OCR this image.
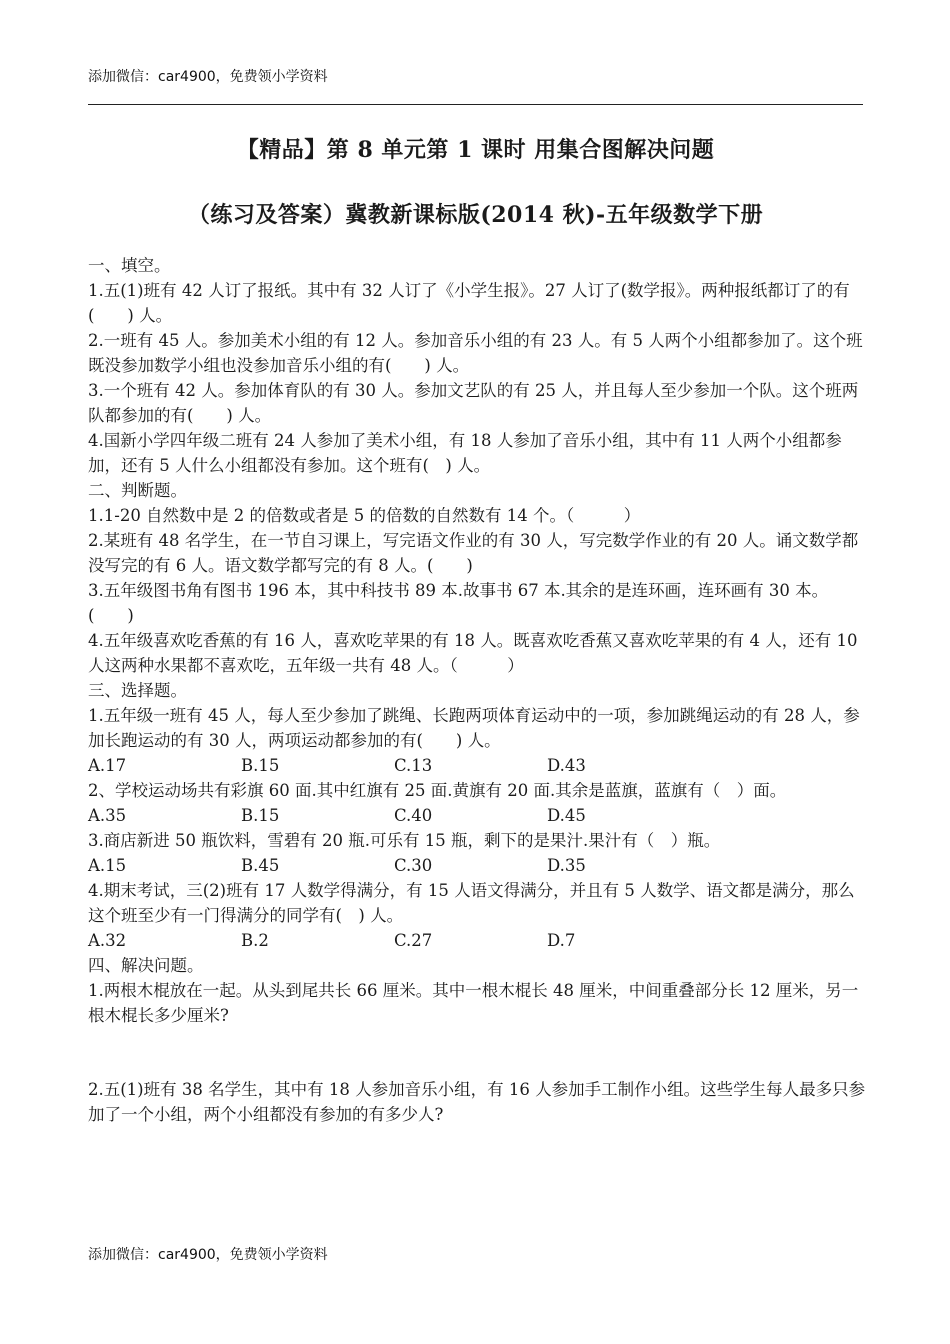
添加微信：car4900，免费领小学资料
【精品】第 8 单元第 1 课时 用集合图解决问题
（练习及答案）冀教新课标版(2014 秋)-五年级数学下册
一、填空。
1.五(1)班有 42 人订了报纸。其中有 32 人订了《小学生报》。27 人订了(数学报》。两种报纸都订了的有(　　) 人。
2.一班有 45 人。参加美术小组的有 12 人。参加音乐小组的有 23 人。有 5 人两个小组都参加了。这个班既没参加数学小组也没参加音乐小组的有(　　) 人。
3.一个班有 42 人。参加体育队的有 30 人。参加文艺队的有 25 人，并且每人至少参加一个队。这个班两队都参加的有(　　) 人。
4.国新小学四年级二班有 24 人参加了美术小组，有 18 人参加了音乐小组，其中有 11 人两个小组都参加，还有 5 人什么小组都没有参加。这个班有(　) 人。
二、判断题。
1.1-20 自然数中是 2 的倍数或者是 5 的倍数的自然数有 14 个。（　　　）
2.某班有 48 名学生，在一节自习课上，写完语文作业的有 30 人，写完数学作业的有 20 人。诵文数学都没写完的有 6 人。语文数学都写完的有 8 人。(　　)
3.五年级图书角有图书 196 本，其中科技书 89 本.故事书 67 本.其余的是连环画，连环画有 30 本。(　　)
4.五年级喜欢吃香蕉的有 16 人，喜欢吃苹果的有 18 人。既喜欢吃香蕉又喜欢吃苹果的有 4 人，还有 10 人这两种水果都不喜欢吃，五年级一共有 48 人。（　　　）
三、选择题。
1.五年级一班有 45 人，每人至少参加了跳绳、长跑两项体育运动中的一项，参加跳绳运动的有 28 人，参加长跑运动的有 30 人，两项运动都参加的有(　　) 人。
A.17	B.15	C.13	D.43
2、学校运动场共有彩旗 60 面.其中红旗有 25 面.黄旗有 20 面.其余是蓝旗，蓝旗有（　）面。
A.35	B.15	C.40	D.45
3.商店新进 50 瓶饮料，雪碧有 20 瓶.可乐有 15 瓶，剩下的是果汁.果汁有（　）瓶。
A.15	B.45	C.30	D.35
4.期末考试，三(2)班有 17 人数学得满分，有 15 人语文得满分，并且有 5 人数学、语文都是满分，那么这个班至少有一门得满分的同学有(　) 人。
A.32	B.2	C.27	D.7
四、解决问题。
1.两根木棍放在一起。从头到尾共长 66 厘米。其中一根木棍长 48 厘米，中间重叠部分长 12 厘米，另一根木棍长多少厘米?
2.五(1)班有 38 名学生，其中有 18 人参加音乐小组，有 16 人参加手工制作小组。这些学生每人最多只参加了一个小组，两个小组都没有参加的有多少人?
添加微信：car4900，免费领小学资料
